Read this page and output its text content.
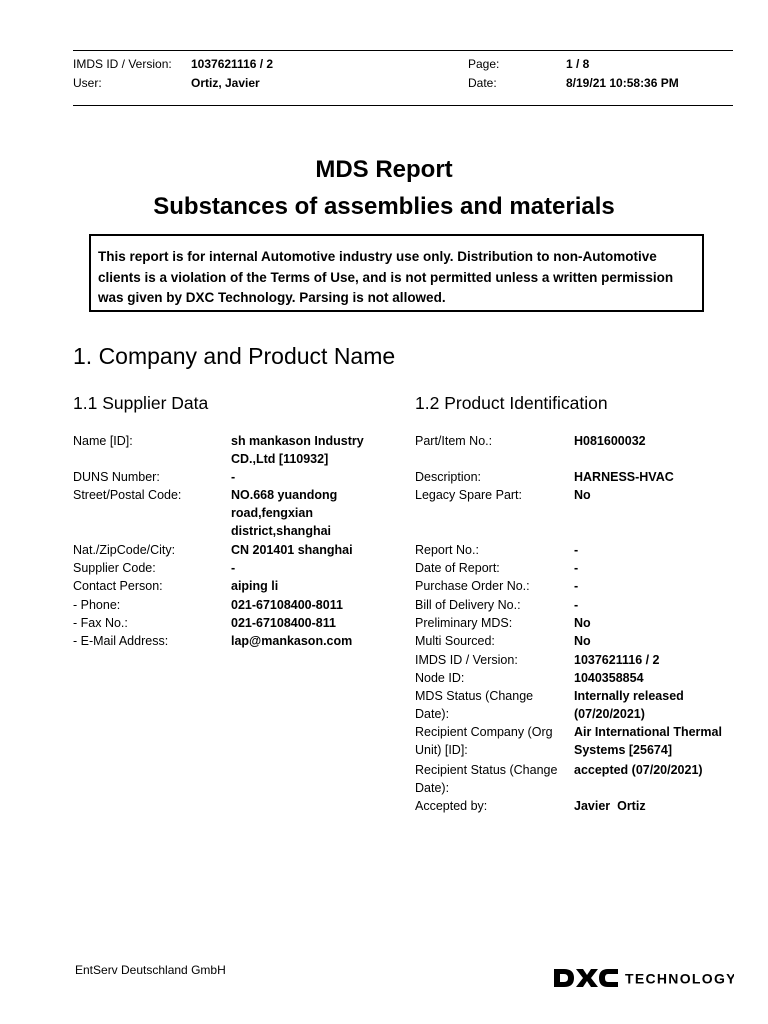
IMDS ID / Version: 1037621116 / 2	Page:	1 / 8
User:	Ortiz, Javier	Date:	8/19/21 10:58:36 PM
MDS Report
Substances of assemblies and materials
This report is for internal Automotive industry use only. Distribution to non-Automotive clients is a violation of the Terms of Use, and is not permitted unless a written permission was given by DXC Technology. Parsing is not allowed.
1. Company and Product Name
1.1 Supplier Data	1.2 Product Identification
Name [ID]:	sh mankason Industry CD.,Ltd [110932]
DUNS Number:	-
Street/Postal Code:	NO.668 yuandong road,fengxian district,shanghai
Nat./ZipCode/City:	CN 201401 shanghai
Supplier Code:	-
Contact Person:	aiping li
- Phone:	021-67108400-8011
- Fax No.:	021-67108400-811
- E-Mail Address:	lap@mankason.com
Part/Item No.:	H081600032
Description:	HARNESS-HVAC
Legacy Spare Part:	No
Report No.:	-
Date of Report:	-
Purchase Order No.:	-
Bill of Delivery No.:	-
Preliminary MDS:	No
Multi Sourced:	No
IMDS ID / Version:	1037621116 / 2
Node ID:	1040358854
MDS Status (Change Date):
Internally released (07/20/2021)
Recipient Company (Org Unit) [ID]:
Air International Thermal Systems [25674]
Recipient Status (Change Date):
accepted (07/20/2021)
Accepted by:	Javier  Ortiz
EntServ Deutschland GmbH
TECHNOLOGY
